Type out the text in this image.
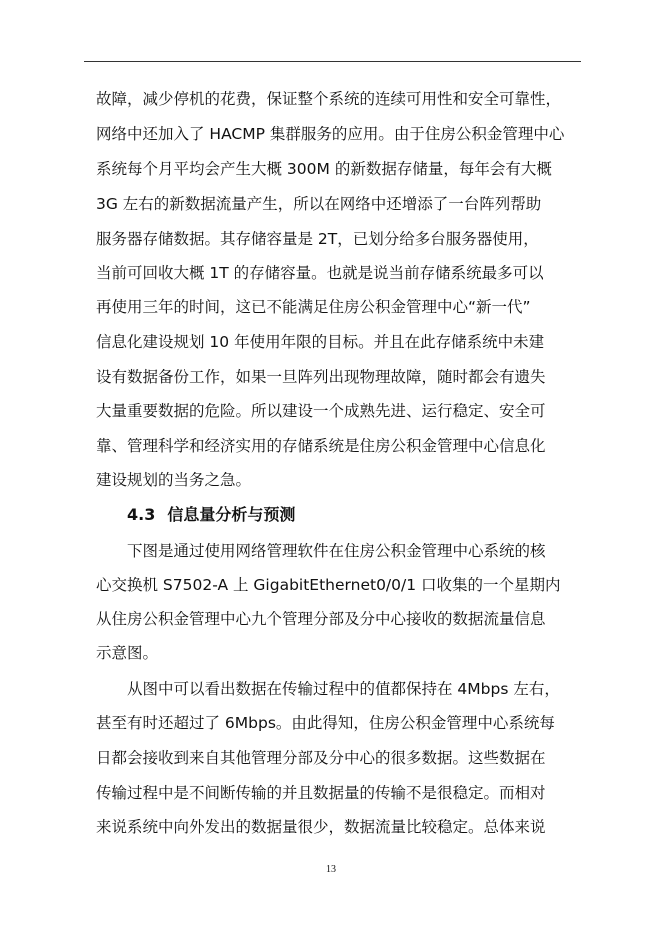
故障，减少停机的花费，保证整个系统的连续可用性和安全可靠性，
网络中还加入了 HACMP 集群服务的应用。由于住房公积金管理中心
系统每个月平均会产生大概 300M 的新数据存储量，每年会有大概
3G 左右的新数据流量产生，所以在网络中还增添了一台阵列帮助
服务器存储数据。其存储容量是 2T，已划分给多台服务器使用，
当前可回收大概 1T 的存储容量。也就是说当前存储系统最多可以
再使用三年的时间，这已不能满足住房公积金管理中心“新一代”
信息化建设规划 10 年使用年限的目标。并且在此存储系统中未建
设有数据备份工作，如果一旦阵列出现物理故障，随时都会有遗失
大量重要数据的危险。所以建设一个成熟先进、运行稳定、安全可
靠、管理科学和经济实用的存储系统是住房公积金管理中心信息化
建设规划的当务之急。
4.3 信息量分析与预测
下图是通过使用网络管理软件在住房公积金管理中心系统的核
心交换机 S7502-A 上 GigabitEthernet0/0/1 口收集的一个星期内
从住房公积金管理中心九个管理分部及分中心接收的数据流量信息
示意图。
从图中可以看出数据在传输过程中的值都保持在 4Mbps 左右，
甚至有时还超过了 6Mbps。由此得知，住房公积金管理中心系统每
日都会接收到来自其他管理分部及分中心的很多数据。这些数据在
传输过程中是不间断传输的并且数据量的传输不是很稳定。而相对
来说系统中向外发出的数据量很少，数据流量比较稳定。总体来说
13
